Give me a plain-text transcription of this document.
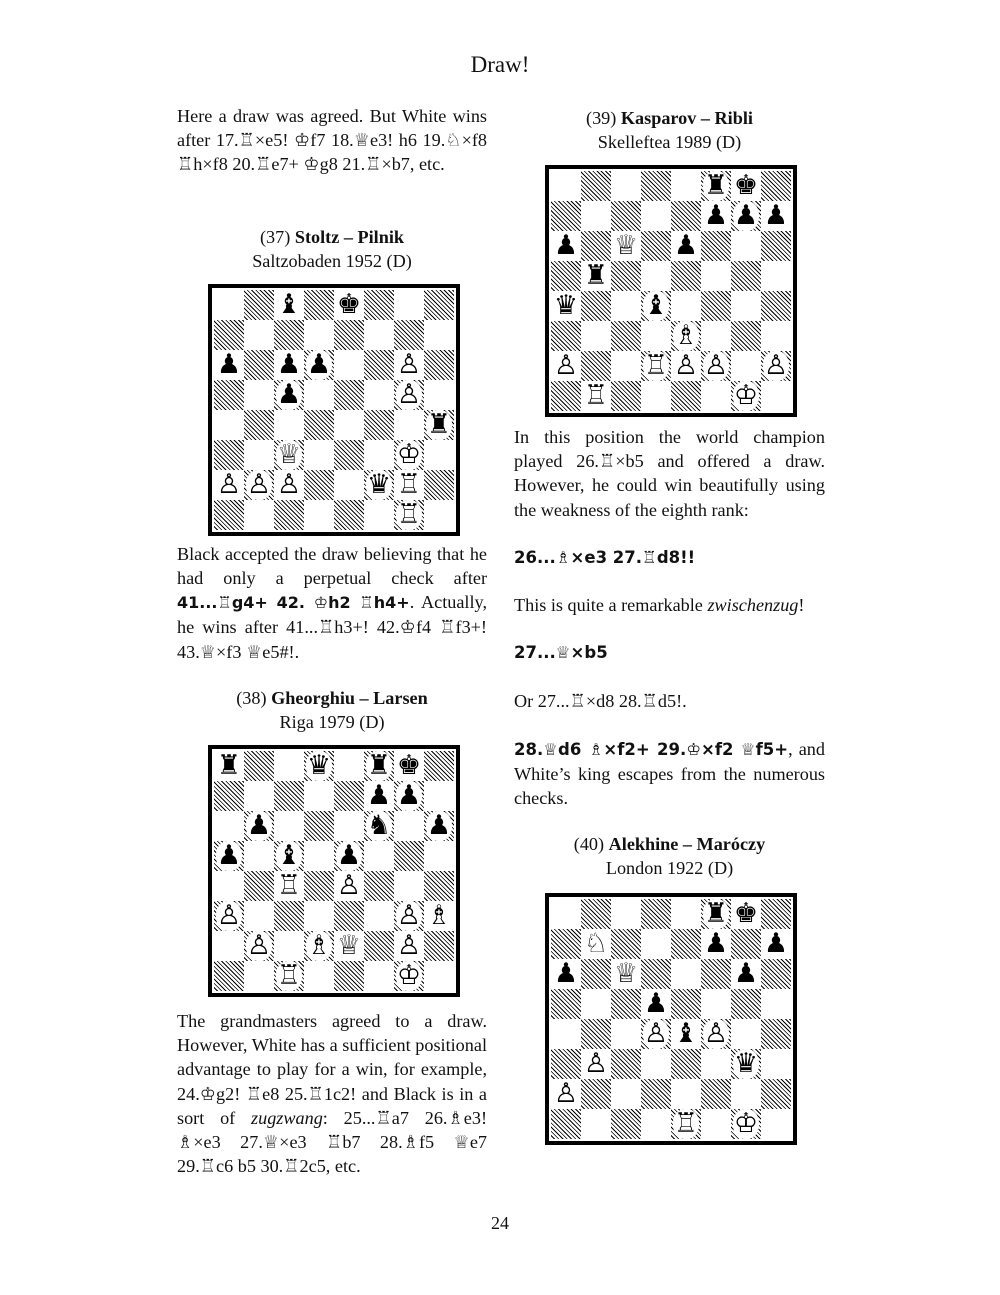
Draw!

Here a draw was agreed. But White wins after 17.♖×e5! ♔f7 18.♕e3! h6 19.♘×f8 ♖h×f8 20.♖e7+ ♔g8 21.♖×b7, etc.

(37) Stoltz – Pilnik

Saltzobaden 1952 (D)

♝ ♚
♟ ♟ ♟ ♙
♟	♙
♜
♕	♔
♙ ♙ ♙ ♛ ♖
♖

Black accepted the draw believing that he had only a perpetual check after 41...♖g4+ 42. ♔h2 ♖h4+. Actually, he wins after 41...♖h3+! 42.♔f4 ♖f3+! 43.♕×f3 ♕e5#!.

(38) Gheorghiu – Larsen

Riga 1979 (D)

♜ ♛ ♜ ♚
♟ ♟
♟	♞ ♟
♟ ♝ ♟
♖ ♙
♙	♙ ♗
♙ ♗ ♕ ♙
♖	♔

The grandmasters agreed to a draw. However, White has a sufficient positional advantage to play for a win, for example, 24.♔g2! ♖e8 25.♖1c2! and Black is in a sort of zugzwang: 25...♖a7 26.♗e3! ♗×e3 27.♕×e3 ♖b7 28.♗f5 ♕e7 29.♖c6 b5 30.♖2c5, etc.

(39) Kasparov – Ribli

Skelleftea 1989 (D)

♜ ♚
♟ ♟ ♟
♟ ♕ ♟
♜
♛ ♝
♗
♙ ♖ ♙ ♙ ♙
♖	♔

In this position the world champion played 26.♖×b5 and offered a draw. However, he could win beautifully using the weakness of the eighth rank:

26...♗×e3 27.♖d8!!

This is quite a remarkable zwischenzug!

27...♕×b5

Or 27...♖×d8 28.♖d5!.

28.♕d6 ♗×f2+ 29.♔×f2 ♕f5+, and White’s king escapes from the numerous checks.

(40) Alekhine – Maróczy

London 1922 (D)

♜ ♚
♘	♟ ♟
♟ ♕	♟
♟
♙ ♝ ♙
♙	♛
♙
♖ ♔
24
